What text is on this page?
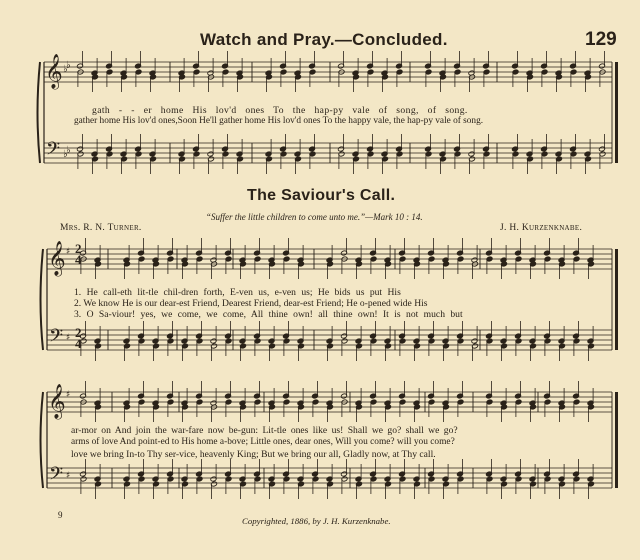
𝄞
𝄢
♭
♭
♭
♭
𝄞
𝄢
♯
♯
𝄞
𝄢
♯
♯
Watch and Pray.—Concluded.	129
gath - - er home His lov'd ones To the hap-py vale of song, of song.
gather home His lov'd ones,Soon He'll gather home His lov'd ones To the happy vale, the hap-py vale of song.
The Saviour's Call.
“Suffer the little children to come unto me.”—Mark 10 : 14.
Mrs. R. N. Turner.	J. H. Kurzenknabe.
1. He call-eth lit-tle chil-dren forth, E-ven us, e-ven us; He bids us put His
2. We know He is our dear-est Friend, Dearest Friend, dear-est Friend; He o-pened wide His
3. O Sa-viour! yes, we come, we come, All thine own! all thine own! It is not much but
ar-mor on And join the war-fare now be-gun: Lit-tle ones like us! Shall we go? shall we go?
arms of love And point-ed to His home a-bove; Little ones, dear ones, Will you come? will you come?
love we bring In-to Thy ser-vice, heavenly King; But we bring our all, Gladly now, at Thy call.
9
Copyrighted, 1886, by J. H. Kurzenknabe.
2
4
2
4
